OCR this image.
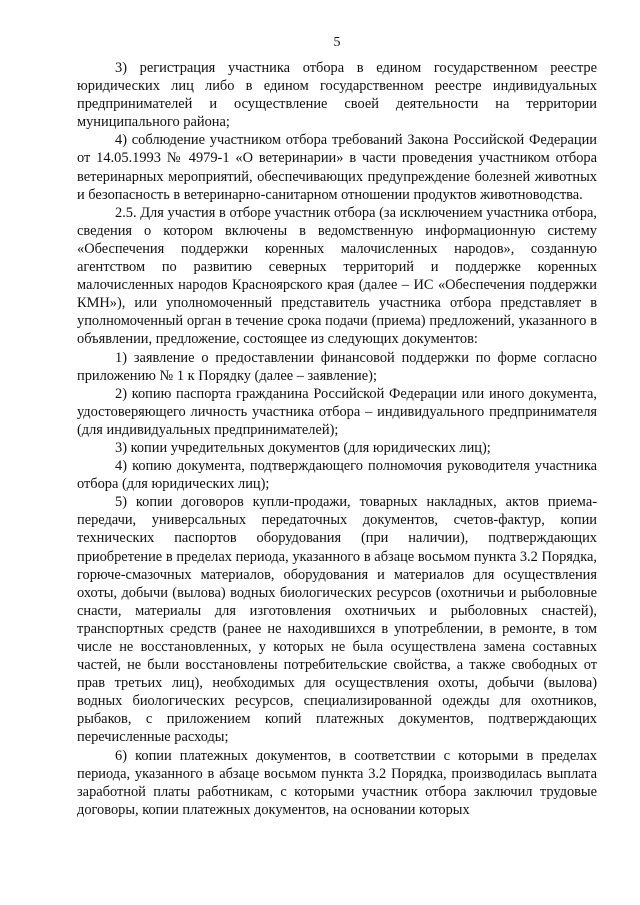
5

3) регистрация участника отбора в едином государственном реестре юридических лиц либо в едином государственном реестре индивидуальных предпринимателей и осуществление своей деятельности на территории муниципального района;

4) соблюдение участником отбора требований Закона Российской Федерации от 14.05.1993 № 4979-1 «О ветеринарии» в части проведения участником отбора ветеринарных мероприятий, обеспечивающих предупреждение болезней животных и безопасность в ветеринарно-санитарном отношении продуктов животноводства.

2.5. Для участия в отборе участник отбора (за исключением участника отбора, сведения о котором включены в ведомственную информационную систему «Обеспечения поддержки коренных малочисленных народов», созданную агентством по развитию северных территорий и поддержке коренных малочисленных народов Красноярского края (далее – ИС «Обеспечения поддержки КМН»), или уполномоченный представитель участника отбора представляет в уполномоченный орган в течение срока подачи (приема) предложений, указанного в объявлении, предложение, состоящее из следующих документов:

1) заявление о предоставлении финансовой поддержки по форме согласно приложению № 1 к Порядку (далее – заявление);

2) копию паспорта гражданина Российской Федерации или иного документа, удостоверяющего личность участника отбора – индивидуального предпринимателя (для индивидуальных предпринимателей);

3) копии учредительных документов (для юридических лиц);

4) копию документа, подтверждающего полномочия руководителя участника отбора (для юридических лиц);

5) копии договоров купли-продажи, товарных накладных, актов приема-передачи, универсальных передаточных документов, счетов-фактур, копии технических паспортов оборудования (при наличии), подтверждающих приобретение в пределах периода, указанного в абзаце восьмом пункта 3.2 Порядка, горюче-смазочных материалов, оборудования и материалов для осуществления охоты, добычи (вылова) водных биологических ресурсов (охотничьи и рыболовные снасти, материалы для изготовления охотничьих и рыболовных снастей), транспортных средств (ранее не находившихся в употреблении, в ремонте, в том числе не восстановленных, у которых не была осуществлена замена составных частей, не были восстановлены потребительские свойства, а также свободных от прав третьих лиц), необходимых для осуществления охоты, добычи (вылова) водных биологических ресурсов, специализированной одежды для охотников, рыбаков, с приложением копий платежных документов, подтверждающих перечисленные расходы;

6) копии платежных документов, в соответствии с которыми в пределах периода, указанного в абзаце восьмом пункта 3.2 Порядка, производилась выплата заработной платы работникам, с которыми участник отбора заключил трудовые договоры, копии платежных документов, на основании которых
